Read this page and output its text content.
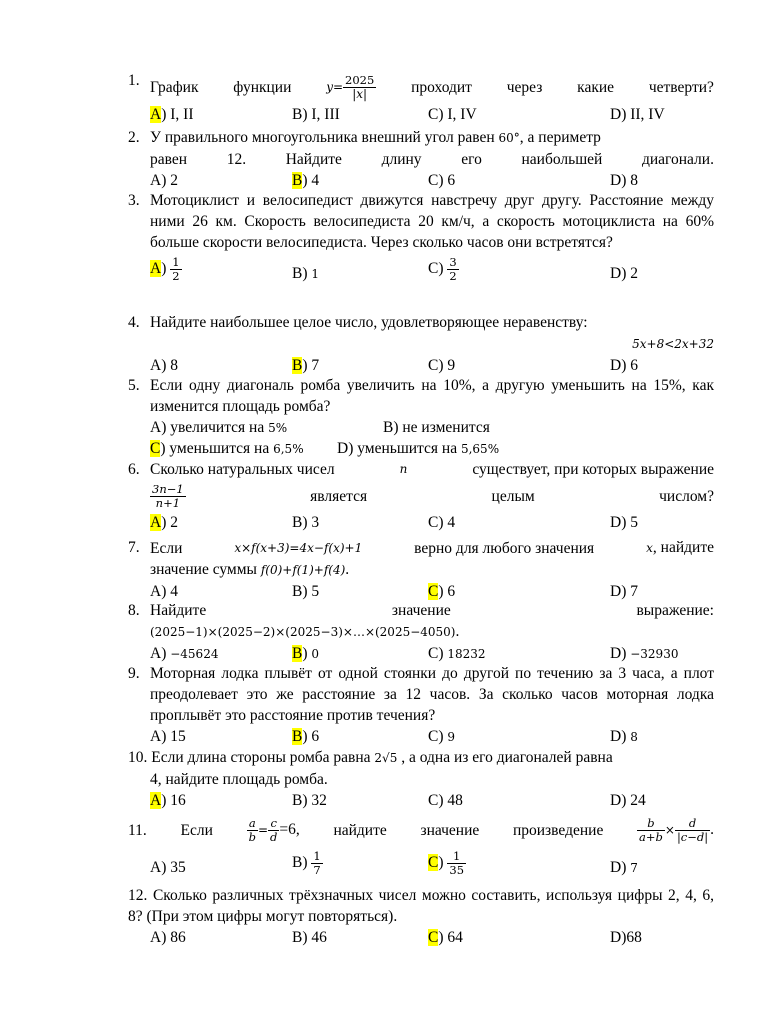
1. График функции	$y= \frac{2025}{|x|}$ проходит через какие четверти?
A) I, II	B) I, III	C) I, IV	D) II, IV
2. У правильного многоугольника внешний угол равен 60°, а периметр
равен	12.	Найдите	длину	его	наибольшей	диагонали.
A) 2	B) 4	C) 6	D) 8
3. Мотоциклист и велосипедист движутся навстречу друг другу. Расстояние между ними 26 км. Скорость велосипедиста 20 км/ч, а скорость мотоциклиста на 60% больше скорости велосипедиста. Через сколько часов они встретятся?
$A) \frac{1}{2}$	B) 1	$C) \frac{3}{2}$	D) 2
4. Найдите наибольшее целое число, удовлетворяющее неравенству:
5x+8<2x+32
A) 8	B) 7	C) 9	D) 6
5. Если одну диагональ ромба увеличить на 10%, а другую уменьшить на 15%, как изменится площадь ромба?
A) увеличится на 5%	B) не изменится
C) уменьшится на 6,5% D) уменьшится на 5,65%
6. Сколько натуральных чисел	n	существует, при которых выражение
$\frac{3n-1}{n+1}$	является	целым	числом?
A) 2	B) 3	C) 4	D) 5
7. Если	x×f(x+3)=4x−f(x)+1	верно для любого значения	x, найдите
значение суммы f(0)+f(1)+f(4).
A) 4	B) 5	C) 6	D) 7
8. Найдите	значение	выражение:
(2025−1)×(2025−2)×(2025−3)×…×(2025−4050).
A) −45624	B) 0	C) 18232	D) −32930
9. Моторная лодка плывёт от одной стоянки до другой по течению за 3 часа, а плот преодолевает это же расстояние за 12 часов. За сколько часов моторная лодка проплывёт это расстояние против течения?
A) 15	B) 6	C) 9	D) 8
10. Если длина стороны ромба равна 2√5 , а одна из его диагоналей равна
4, найдите площадь ромба.
A) 16	B) 32	C) 48	D) 24
11. Если	$\frac{a}{b} = \frac{c}{d} =6$, найдите значение произведение	$\frac{b}{a+b} \times \frac{d}{|c-d|}$ .
A) 35	$B) \frac{1}{7}$	$C) \frac{1}{35}$	D) 7
12. Сколько различных трёхзначных чисел можно составить, используя цифры 2, 4, 6, 8? (При этом цифры могут повторяться).
A) 86	B) 46	C) 64	D)68
